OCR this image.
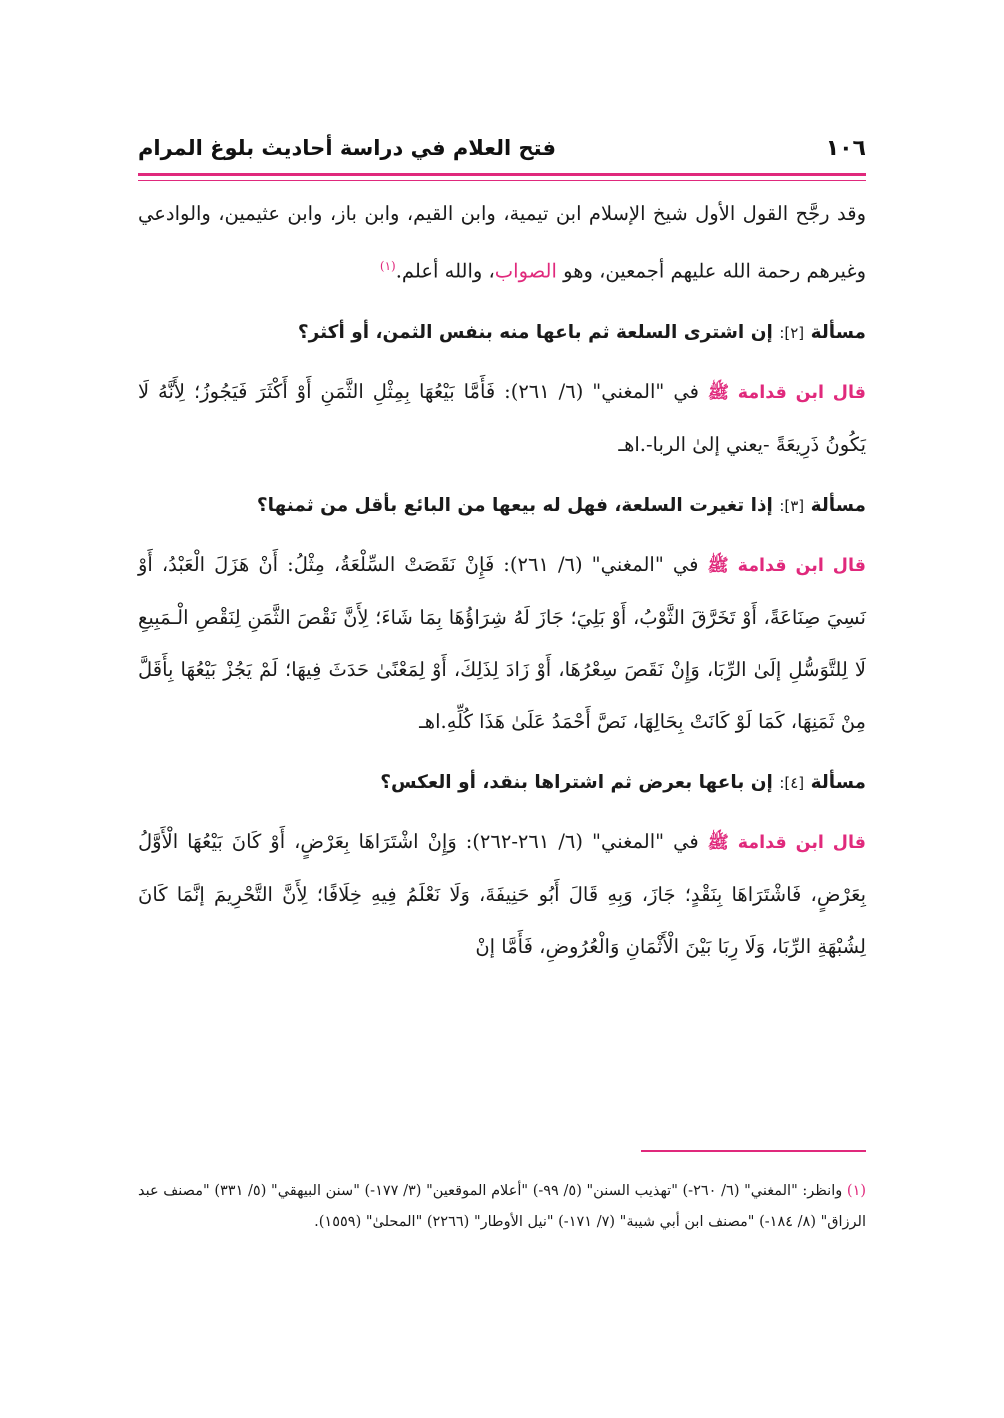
١٠٦
فتح العلام في دراسة أحاديث بلوغ المرام

وقد رجَّح القول الأول شيخ الإسلام ابن تيمية، وابن القيم، وابن باز، وابن عثيمين، والوادعي وغيرهم رحمة الله عليهم أجمعين، وهو الصواب، والله أعلم.$^{(١)}$

مسألة [٢]: إن اشترى السلعة ثم باعها منه بنفس الثمن، أو أكثر؟

قال ابن قدامة ﷺ في "المغني" (٦/ ٢٦١): فَأَمَّا بَيْعُهَا بِمِثْلِ الثَّمَنِ أَوْ أَكْثَرَ فَيَجُوزُ؛ لِأَنَّهُ لَا يَكُونُ ذَرِيعَةً -يعني إلىٰ الربا-.اهـ

مسألة [٣]: إذا تغيرت السلعة، فهل له بيعها من البائع بأقل من ثمنها؟

قال ابن قدامة ﷺ في "المغني" (٦/ ٢٦١): فَإِنْ نَقَصَتْ السِّلْعَةُ، مِثْلُ: أَنْ هَزَلَ الْعَبْدُ، أَوْ نَسِيَ صِنَاعَةً، أَوْ تَخَرَّقَ الثَّوْبُ، أَوْ بَلِيَ؛ جَازَ لَهُ شِرَاؤُهَا بِمَا شَاءَ؛ لِأَنَّ نَقْصَ الثَّمَنِ لِنَقْصِ الْـمَبِيعِ لَا لِلتَّوَسُّلِ إلَىٰ الرِّبَا، وَإِنْ نَقَصَ سِعْرُهَا، أَوْ زَادَ لِذَلِكَ، أَوْ لِمَعْنًىٰ حَدَثَ فِيهَا؛ لَمْ يَجُزْ بَيْعُهَا بِأَقَلَّ مِنْ ثَمَنِهَا، كَمَا لَوْ كَانَتْ بِحَالِهَا، نَصَّ أَحْمَدُ عَلَىٰ هَذَا كُلِّهِ.اهـ

مسألة [٤]: إن باعها بعرض ثم اشتراها بنقد، أو العكس؟

قال ابن قدامة ﷺ في "المغني" (٦/ ٢٦١-٢٦٢): وَإِنْ اشْتَرَاهَا بِعَرْضٍ، أَوْ كَانَ بَيْعُهَا الْأَوَّلُ بِعَرْضٍ، فَاشْتَرَاهَا بِنَقْدٍ؛ جَازَ، وَبِهِ قَالَ أَبُو حَنِيفَةَ، وَلَا نَعْلَمُ فِيهِ خِلَافًا؛ لِأَنَّ التَّحْرِيمَ إنَّمَا كَانَ لِشُبْهَةِ الرِّبَا، وَلَا رِبَا بَيْنَ الْأَثْمَانِ وَالْعُرُوضِ، فَأَمَّا إنْ

(١) وانظر: "المغني" (٦/ ٢٦٠-) "تهذيب السنن" (٥/ ٩٩-) "أعلام الموقعين" (٣/ ١٧٧-) "سنن البيهقي" (٥/ ٣٣١) "مصنف عبد الرزاق" (٨/ ١٨٤-) "مصنف ابن أبي شيبة" (٧/ ١٧١-) "نيل الأوطار" (٢٢٦٦) "المحلىٰ" (١٥٥٩).
